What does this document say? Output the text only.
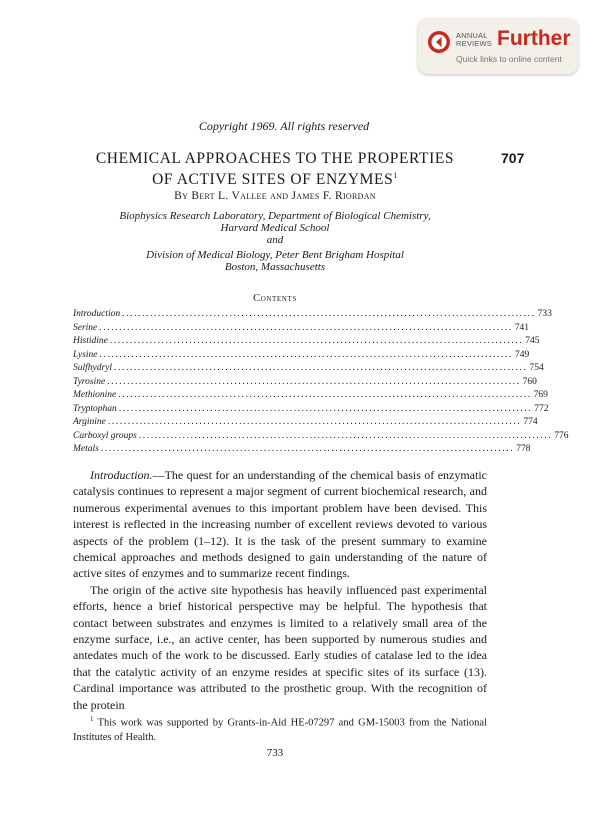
ANNUAL
REVIEWS Further
Quick links to online content
Copyright 1969. All rights reserved
CHEMICAL APPROACHES TO THE PROPERTIES
OF ACTIVE SITES OF ENZYMES$^1$
707
By Bert L. Vallee and James F. Riordan
Biophysics Research Laboratory, Department of Biological Chemistry,
Harvard Medical School
and
Division of Medical Biology, Peter Bent Brigham Hospital
Boston, Massachusetts
Contents
Introduction ........................................................................................................ 733
Serine ........................................................................................................ 741
Histidine ........................................................................................................ 745
Lysine ........................................................................................................ 749
Sulfhydryl ........................................................................................................ 754
Tyrosine ........................................................................................................ 760
Methionine ........................................................................................................ 769
Tryptophan ........................................................................................................ 772
Arginine ........................................................................................................ 774
Carboxyl groups ........................................................................................................ 776
Metals ........................................................................................................ 778

Introduction.—The quest for an understanding of the chemical basis of enzymatic catalysis continues to represent a major segment of current biochemical research, and numerous experimental avenues to this important problem have been devised. This interest is reflected in the increasing number of excellent reviews devoted to various aspects of the problem (1–12). It is the task of the present summary to examine chemical approaches and methods designed to gain understanding of the nature of active sites of enzymes and to summarize recent findings.

The origin of the active site hypothesis has heavily influenced past experimental efforts, hence a brief historical perspective may be helpful. The hypothesis that contact between substrates and enzymes is limited to a relatively small area of the enzyme surface, i.e., an active center, has been supported by numerous studies and antedates much of the work to be discussed. Early studies of catalase led to the idea that the catalytic activity of an enzyme resides at specific sites of its surface (13). Cardinal importance was attributed to the prosthetic group. With the recognition of the protein

$^1$ This work was supported by Grants-in-Aid HE-07297 and GM-15003 from the National Institutes of Health.
733
